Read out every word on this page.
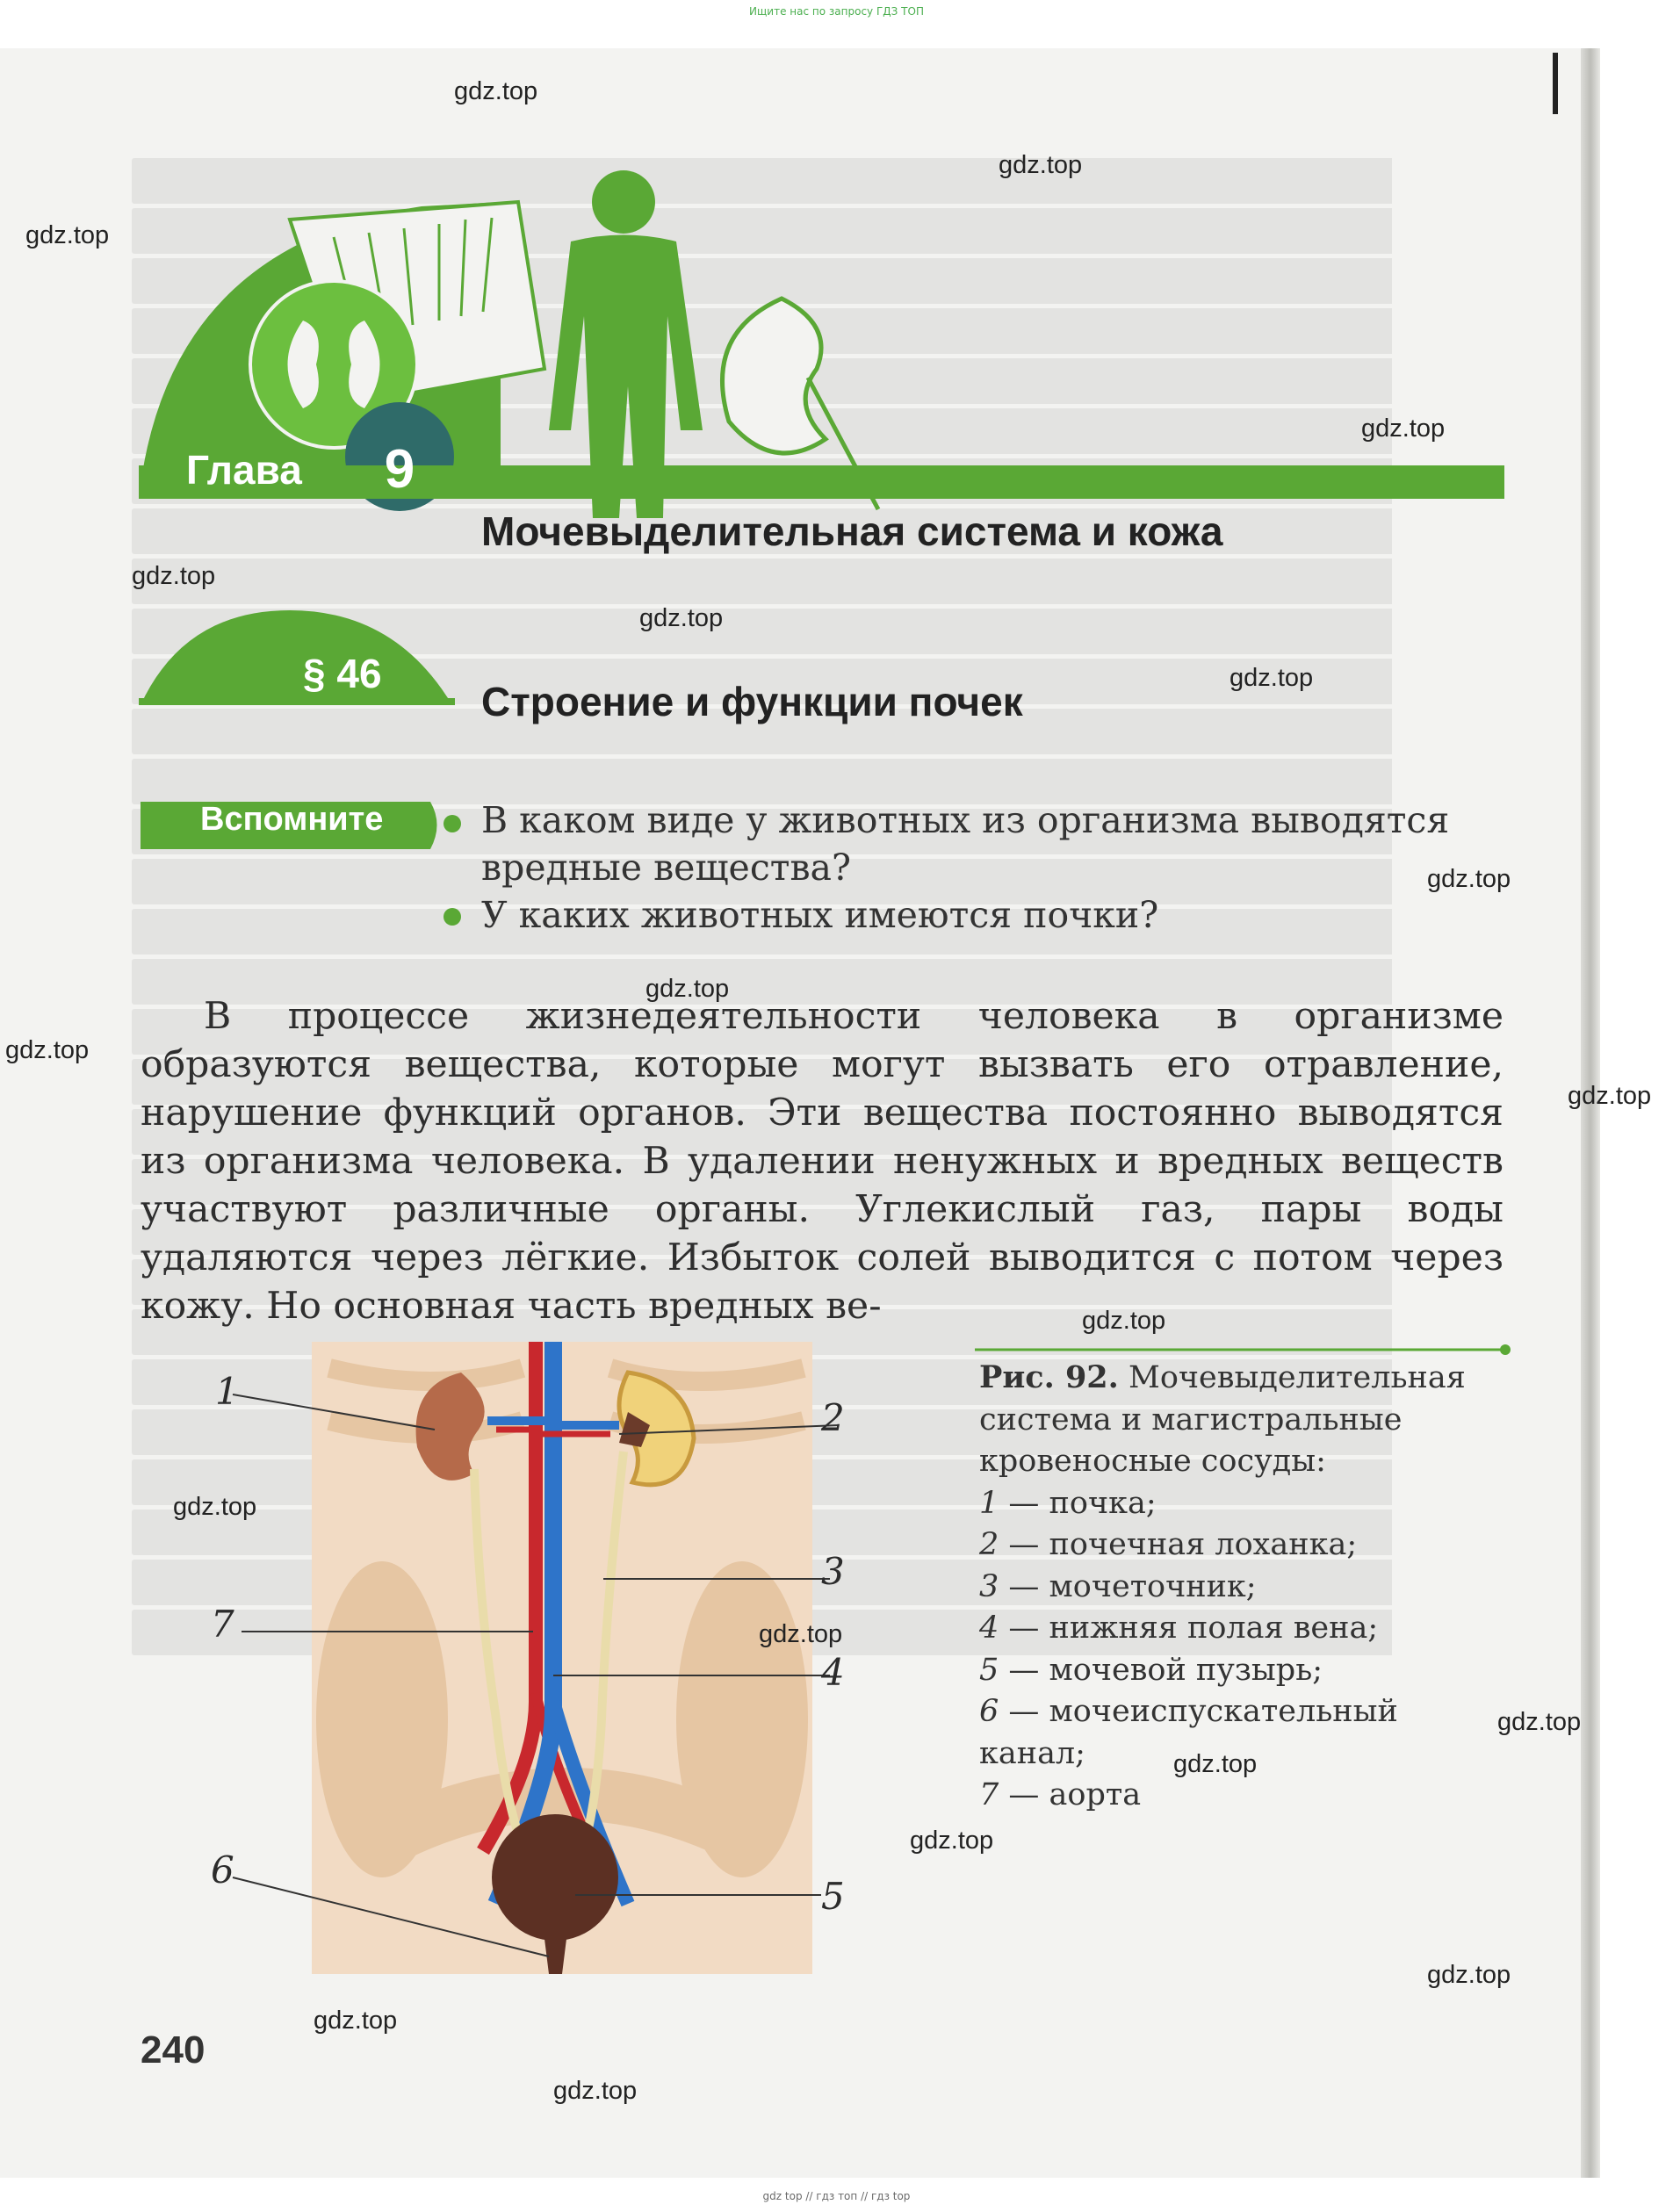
Ищите нас по запросу ГДЗ ТОП
gdz top // гдз топ // гдз top
Глава	9
Мочевыделительная система и кожа
§ 46
Строение и функции почек
Вспомните	В каком виде у животных из организма выводятся
вредные вещества?
У каких животных имеются почки?

В процессе жизнедеятельности человека в организме образуются вещества, которые могут вызвать его отравление, нарушение функций органов. Эти вещества постоянно выводятся из организма человека. В удалении ненужных и вредных веществ участвуют различные органы. Углекислый газ, пары воды удаляются через лёгкие. Избыток солей выводится с потом через кожу. Но основная часть вредных ве-

1
2
3
4
5
6
7
Рис. 92. Мочевыделительная система и магистральные кровеносные сосуды:
1 — почка;
2 — почечная лоханка;
3 — мочеточник;
4 — нижняя полая вена;
5 — мочевой пузырь;
6 — мочеиспускательный канал;
7 — аорта
240
gdz.top
gdz.top
gdz.top
gdz.top
gdz.top
gdz.top
gdz.top
gdz.top
gdz.top
gdz.top
gdz.top
gdz.top
gdz.top
gdz.top
gdz.top
gdz.top
gdz.top
gdz.top
gdz.top
gdz.top
